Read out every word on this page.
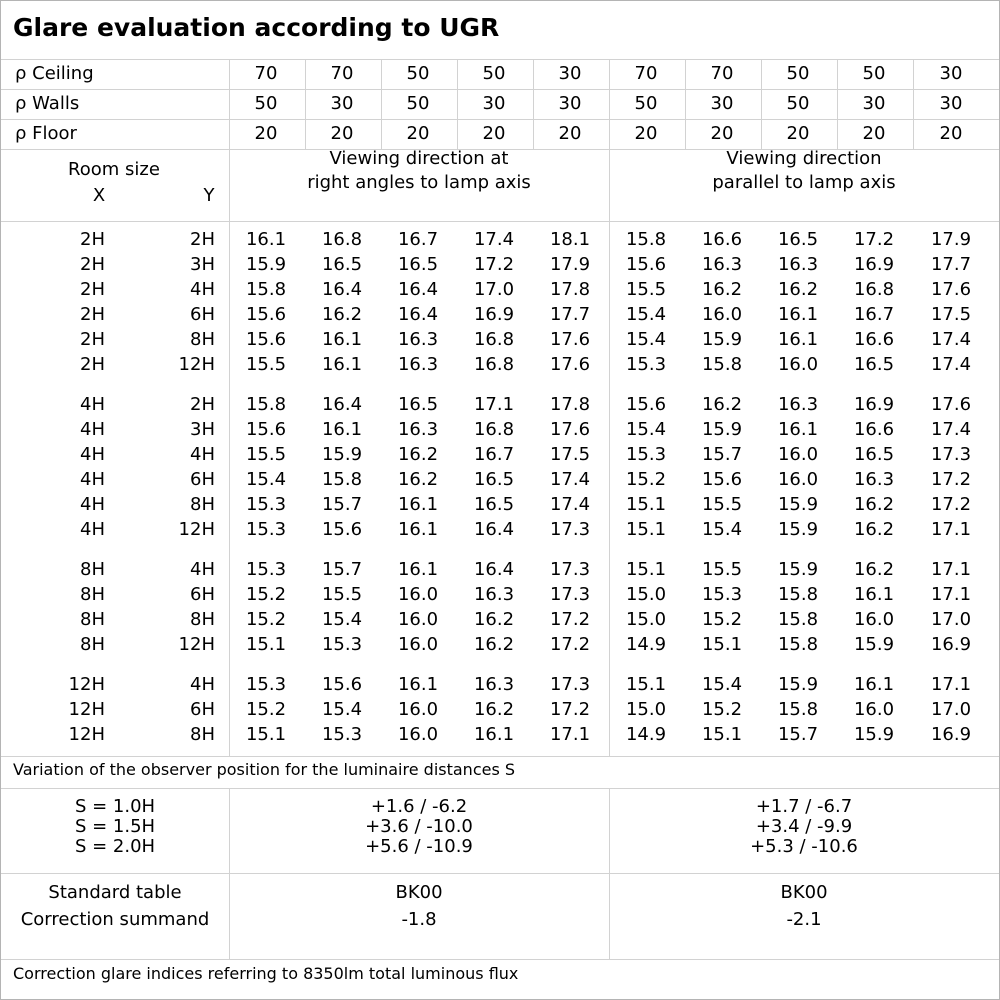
Glare evaluation according to UGR
ρ Ceiling	70	70	50	50	30	70	70	50	50	30
ρ Walls	50	30	50	30	30	50	30	50	30	30
ρ Floor	20	20	20	20	20	20	20	20	20	20
Room size
X	Y
Viewing direction at
right angles to lamp axis
Viewing direction
parallel to lamp axis
2H	2H	16.1	16.8	16.7	17.4	18.1	15.8	16.6	16.5	17.2	17.9
2H	3H	15.9	16.5	16.5	17.2	17.9	15.6	16.3	16.3	16.9	17.7
2H	4H	15.8	16.4	16.4	17.0	17.8	15.5	16.2	16.2	16.8	17.6
2H	6H	15.6	16.2	16.4	16.9	17.7	15.4	16.0	16.1	16.7	17.5
2H	8H	15.6	16.1	16.3	16.8	17.6	15.4	15.9	16.1	16.6	17.4
2H	12H	15.5	16.1	16.3	16.8	17.6	15.3	15.8	16.0	16.5	17.4
4H	2H	15.8	16.4	16.5	17.1	17.8	15.6	16.2	16.3	16.9	17.6
4H	3H	15.6	16.1	16.3	16.8	17.6	15.4	15.9	16.1	16.6	17.4
4H	4H	15.5	15.9	16.2	16.7	17.5	15.3	15.7	16.0	16.5	17.3
4H	6H	15.4	15.8	16.2	16.5	17.4	15.2	15.6	16.0	16.3	17.2
4H	8H	15.3	15.7	16.1	16.5	17.4	15.1	15.5	15.9	16.2	17.2
4H	12H	15.3	15.6	16.1	16.4	17.3	15.1	15.4	15.9	16.2	17.1
8H	4H	15.3	15.7	16.1	16.4	17.3	15.1	15.5	15.9	16.2	17.1
8H	6H	15.2	15.5	16.0	16.3	17.3	15.0	15.3	15.8	16.1	17.1
8H	8H	15.2	15.4	16.0	16.2	17.2	15.0	15.2	15.8	16.0	17.0
8H	12H	15.1	15.3	16.0	16.2	17.2	14.9	15.1	15.8	15.9	16.9
12H	4H	15.3	15.6	16.1	16.3	17.3	15.1	15.4	15.9	16.1	17.1
12H	6H	15.2	15.4	16.0	16.2	17.2	15.0	15.2	15.8	16.0	17.0
12H	8H	15.1	15.3	16.0	16.1	17.1	14.9	15.1	15.7	15.9	16.9
Variation of the observer position for the luminaire distances S
S = 1.0H	+1.6 / -6.2	+1.7 / -6.7
S = 1.5H	+3.6 / -10.0	+3.4 / -9.9
S = 2.0H	+5.6 / -10.9	+5.3 / -10.6
Standard table	BK00	BK00
Correction summand	-1.8	-2.1
Correction glare indices referring to 8350lm total luminous flux
